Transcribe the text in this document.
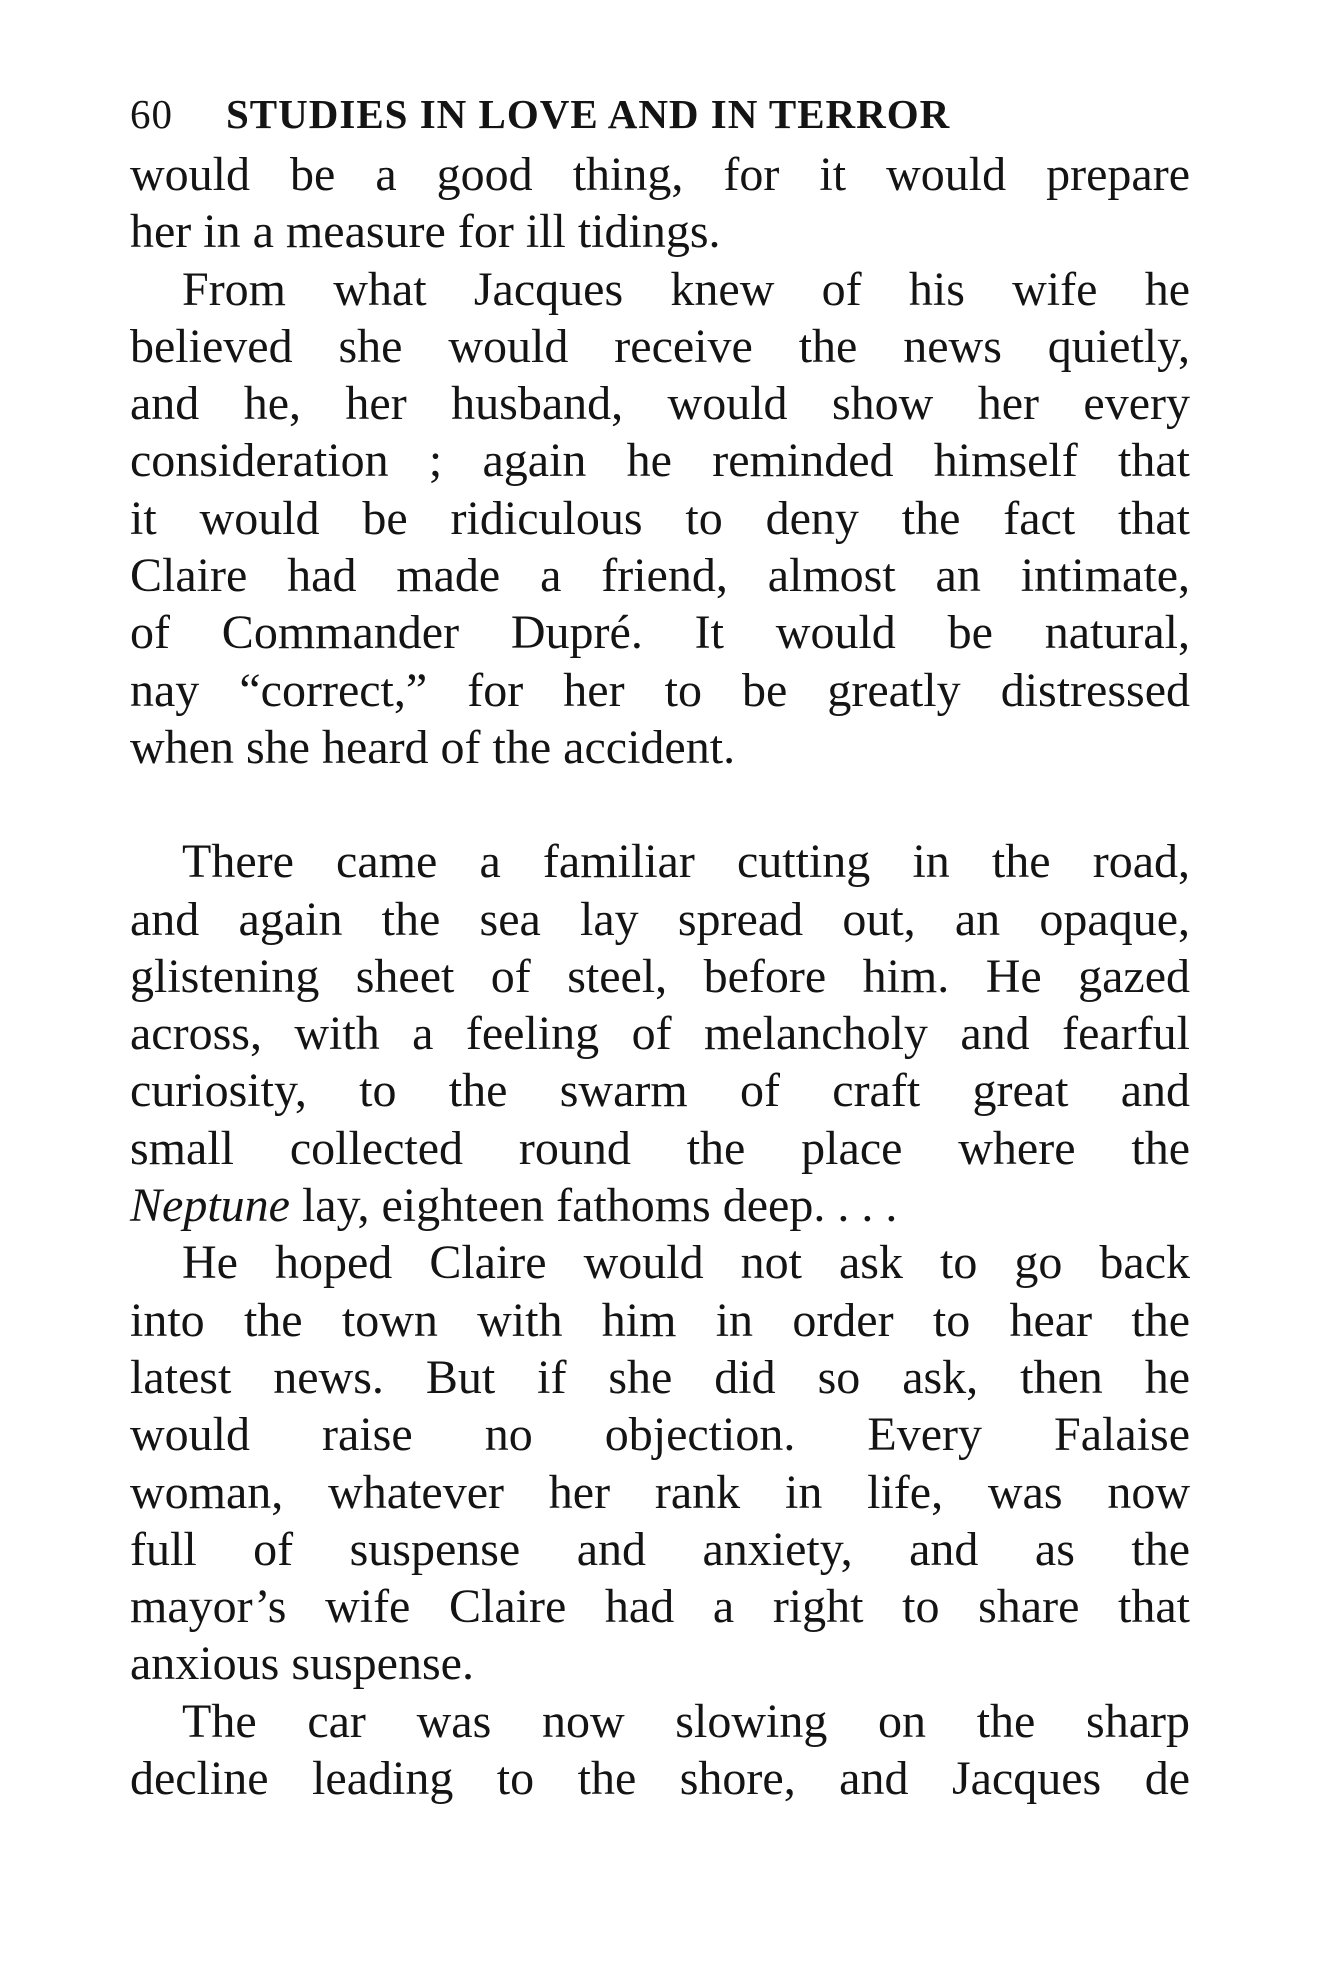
60	STUDIES IN LOVE AND IN TERROR

would be a good thing, for it would prepare
her in a measure for ill tidings.

From what Jacques knew of his wife he
believed she would receive the news quietly,
and he, her husband, would show her every
consideration ; again he reminded himself that
it would be ridiculous to deny the fact that
Claire had made a friend, almost an intimate,
of Commander Dupré. It would be natural,
nay “correct,” for her to be greatly distressed
when she heard of the accident.

There came a familiar cutting in the road,
and again the sea lay spread out, an opaque,
glistening sheet of steel, before him. He gazed
across, with a feeling of melancholy and fearful
curiosity, to the swarm of craft great and
small collected round the place where the
Neptune lay, eighteen fathoms deep. . . .

He hoped Claire would not ask to go back
into the town with him in order to hear the
latest news. But if she did so ask, then he
would raise no objection. Every Falaise
woman, whatever her rank in life, was now
full of suspense and anxiety, and as the
mayor’s wife Claire had a right to share that
anxious suspense.

The car was now slowing on the sharp
decline leading to the shore, and Jacques de
